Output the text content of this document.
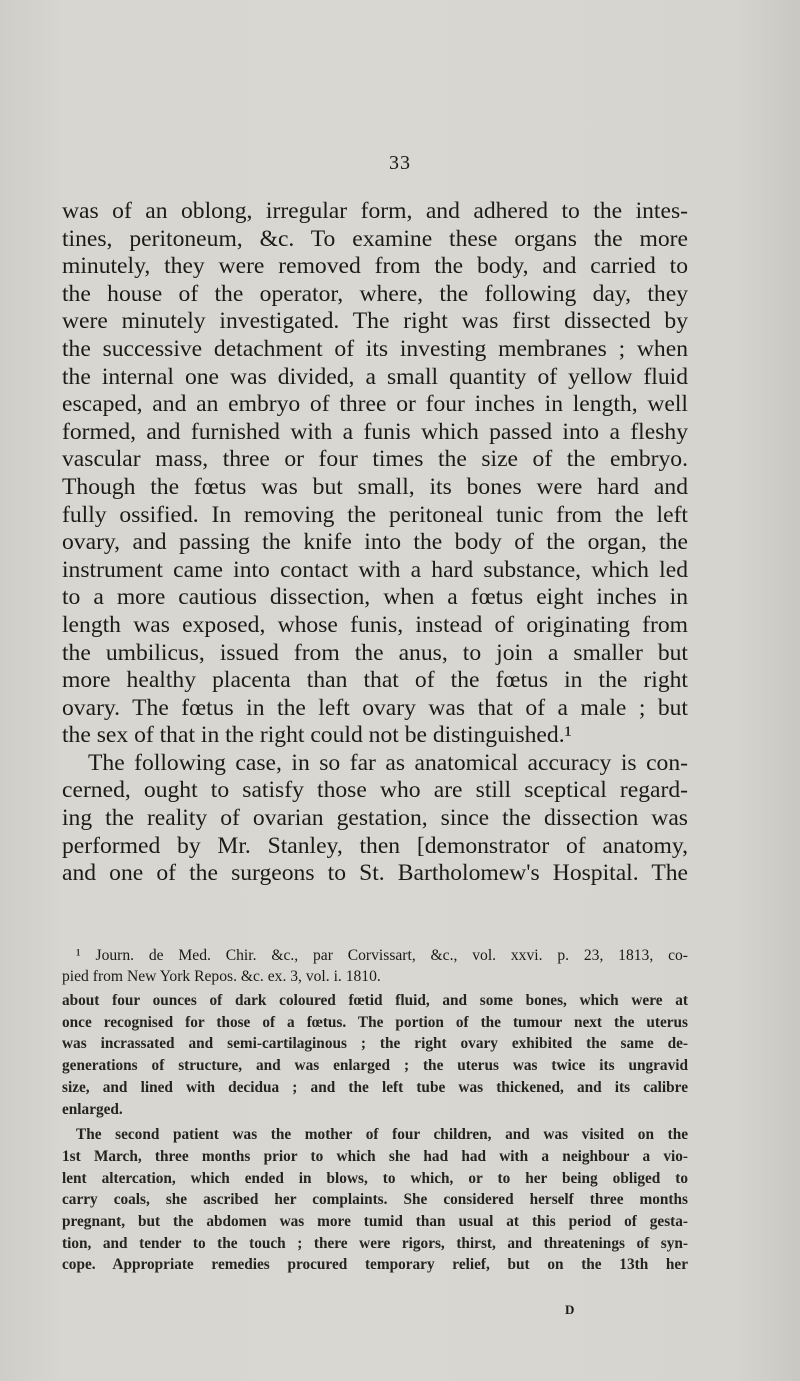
33

was of an oblong, irregular form, and adhered to the intes-
tines, peritoneum, &c. To examine these organs the more
minutely, they were removed from the body, and carried to
the house of the operator, where, the following day, they
were minutely investigated. The right was first dissected by
the successive detachment of its investing membranes ; when
the internal one was divided, a small quantity of yellow fluid
escaped, and an embryo of three or four inches in length, well
formed, and furnished with a funis which passed into a fleshy
vascular mass, three or four times the size of the embryo.
Though the fœtus was but small, its bones were hard and
fully ossified. In removing the peritoneal tunic from the left
ovary, and passing the knife into the body of the organ, the
instrument came into contact with a hard substance, which led
to a more cautious dissection, when a fœtus eight inches in
length was exposed, whose funis, instead of originating from
the umbilicus, issued from the anus, to join a smaller but
more healthy placenta than that of the fœtus in the right
ovary. The fœtus in the left ovary was that of a male ; but
the sex of that in the right could not be distinguished.¹

The following case, in so far as anatomical accuracy is con-
cerned, ought to satisfy those who are still sceptical regard-
ing the reality of ovarian gestation, since the dissection was
performed by Mr. Stanley, then [demonstrator of anatomy,
and one of the surgeons to St. Bartholomew's Hospital. The

¹ Journ. de Med. Chir. &c., par Corvissart, &c., vol. xxvi. p. 23, 1813, co-
pied from New York Repos. &c. ex. 3, vol. i. 1810.
about four ounces of dark coloured fœtid fluid, and some bones, which were at
once recognised for those of a fœtus. The portion of the tumour next the uterus
was incrassated and semi-cartilaginous ; the right ovary exhibited the same de-
generations of structure, and was enlarged ; the uterus was twice its ungravid
size, and lined with decidua ; and the left tube was thickened, and its calibre
enlarged.
The second patient was the mother of four children, and was visited on the
1st March, three months prior to which she had had with a neighbour a vio-
lent altercation, which ended in blows, to which, or to her being obliged to
carry coals, she ascribed her complaints. She considered herself three months
pregnant, but the abdomen was more tumid than usual at this period of gesta-
tion, and tender to the touch ; there were rigors, thirst, and threatenings of syn-
cope. Appropriate remedies procured temporary relief, but on the 13th her
D
